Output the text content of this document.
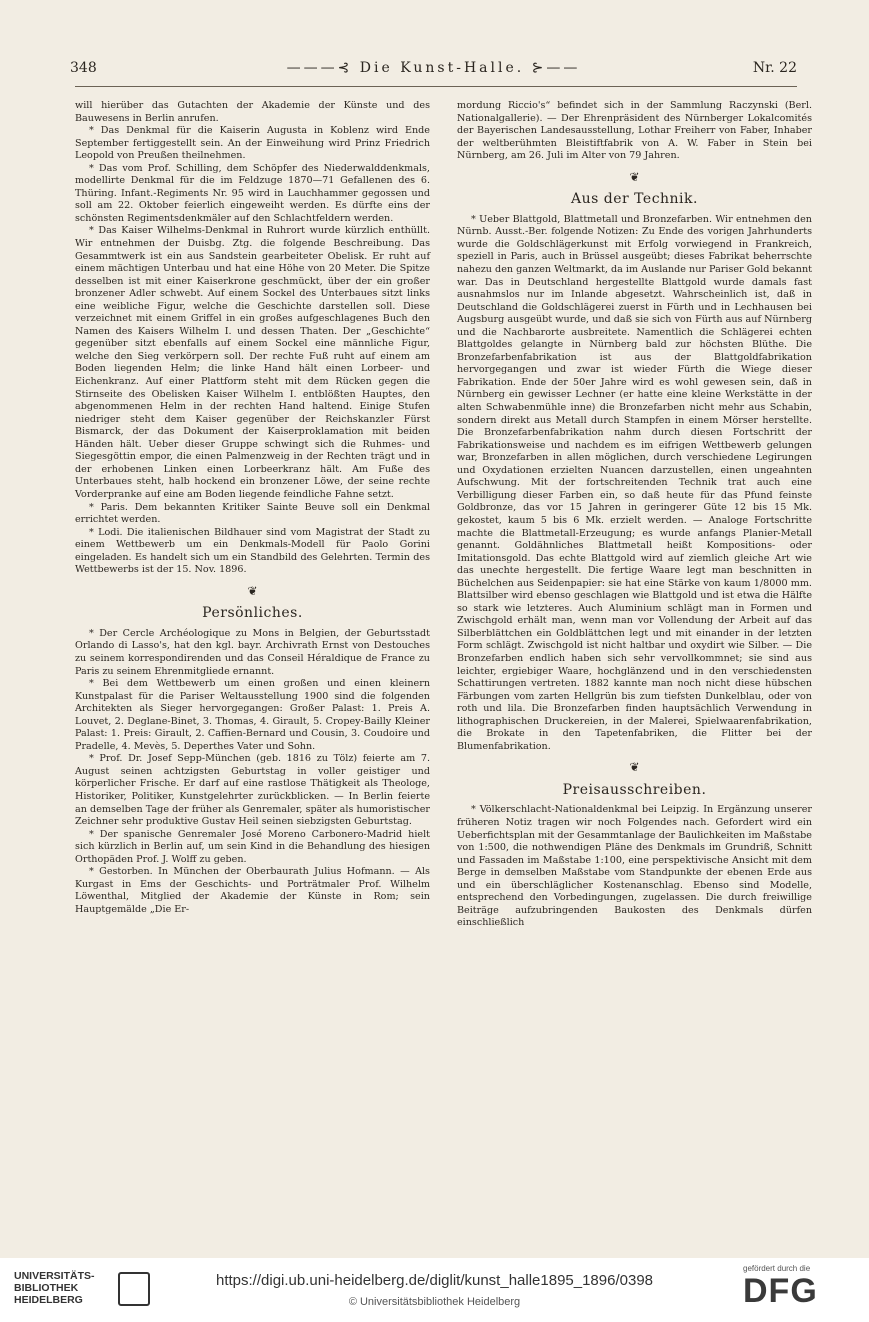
348	———⊰ Die Kunst-Halle. ⊱——	Nr. 22

will hierüber das Gutachten der Akademie der Künste und des Bauwesens in Berlin anrufen.

* Das Denkmal für die Kaiserin Augusta in Koblenz wird Ende September fertiggestellt sein. An der Einweihung wird Prinz Friedrich Leopold von Preußen theilnehmen.

* Das vom Prof. Schilling, dem Schöpfer des Niederwalddenkmals, modellirte Denkmal für die im Feldzuge 1870—71 Gefallenen des 6. Thüring. Infant.-Regiments Nr. 95 wird in Lauchhammer gegossen und soll am 22. Oktober feierlich eingeweiht werden. Es dürfte eins der schönsten Regimentsdenkmäler auf den Schlachtfeldern werden.

* Das Kaiser Wilhelms-Denkmal in Ruhrort wurde kürzlich enthüllt. Wir entnehmen der Duisbg. Ztg. die folgende Beschreibung. Das Gesammtwerk ist ein aus Sandstein gearbeiteter Obelisk. Er ruht auf einem mächtigen Unterbau und hat eine Höhe von 20 Meter. Die Spitze desselben ist mit einer Kaiserkrone geschmückt, über der ein großer bronzener Adler schwebt. Auf einem Sockel des Unterbaues sitzt links eine weibliche Figur, welche die Geschichte darstellen soll. Diese verzeichnet mit einem Griffel in ein großes aufgeschlagenes Buch den Namen des Kaisers Wilhelm I. und dessen Thaten. Der „Geschichte“ gegenüber sitzt ebenfalls auf einem Sockel eine männliche Figur, welche den Sieg verkörpern soll. Der rechte Fuß ruht auf einem am Boden liegenden Helm; die linke Hand hält einen Lorbeer- und Eichenkranz. Auf einer Plattform steht mit dem Rücken gegen die Stirnseite des Obelisken Kaiser Wilhelm I. entblößten Hauptes, den abgenommenen Helm in der rechten Hand haltend. Einige Stufen niedriger steht dem Kaiser gegenüber der Reichskanzler Fürst Bismarck, der das Dokument der Kaiserproklamation mit beiden Händen hält. Ueber dieser Gruppe schwingt sich die Ruhmes- und Siegesgöttin empor, die einen Palmenzweig in der Rechten trägt und in der erhobenen Linken einen Lorbeerkranz hält. Am Fuße des Unterbaues steht, halb hockend ein bronzener Löwe, der seine rechte Vorderpranke auf eine am Boden liegende feindliche Fahne setzt.

* Paris. Dem bekannten Kritiker Sainte Beuve soll ein Denkmal errichtet werden.

* Lodi. Die italienischen Bildhauer sind vom Magistrat der Stadt zu einem Wettbewerb um ein Denkmals-Modell für Paolo Gorini eingeladen. Es handelt sich um ein Standbild des Gelehrten. Termin des Wettbewerbs ist der 15. Nov. 1896.

❦
Persönliches.

* Der Cercle Archéologique zu Mons in Belgien, der Geburtsstadt Orlando di Lasso's, hat den kgl. bayr. Archivrath Ernst von Destouches zu seinem korrespondirenden und das Conseil Héraldique de France zu Paris zu seinem Ehrenmitgliede ernannt.

* Bei dem Wettbewerb um einen großen und einen kleinern Kunstpalast für die Pariser Weltausstellung 1900 sind die folgenden Architekten als Sieger hervorgegangen: Großer Palast: 1. Preis A. Louvet, 2. Deglane-Binet, 3. Thomas, 4. Girault, 5. Cropey-Bailly Kleiner Palast: 1. Preis: Girault, 2. Caffien-Bernard und Cousin, 3. Coudoire und Pradelle, 4. Mevès, 5. Deperthes Vater und Sohn.

* Prof. Dr. Josef Sepp-München (geb. 1816 zu Tölz) feierte am 7. August seinen achtzigsten Geburtstag in voller geistiger und körperlicher Frische. Er darf auf eine rastlose Thätigkeit als Theologe, Historiker, Politiker, Kunstgelehrter zurückblicken. — In Berlin feierte an demselben Tage der früher als Genremaler, später als humoristischer Zeichner sehr produktive Gustav Heil seinen siebzigsten Geburtstag.

* Der spanische Genremaler José Moreno Carbonero-Madrid hielt sich kürzlich in Berlin auf, um sein Kind in die Behandlung des hiesigen Orthopäden Prof. J. Wolff zu geben.

* Gestorben. In München der Oberbaurath Julius Hofmann. — Als Kurgast in Ems der Geschichts- und Porträtmaler Prof. Wilhelm Löwenthal, Mitglied der Akademie der Künste in Rom; sein Hauptgemälde „Die Er-

mordung Riccio's“ befindet sich in der Sammlung Raczynski (Berl. Nationalgallerie). — Der Ehrenpräsident des Nürnberger Lokalcomités der Bayerischen Landesausstellung, Lothar Freiherr von Faber, Inhaber der weltberühmten Bleistiftfabrik von A. W. Faber in Stein bei Nürnberg, am 26. Juli im Alter von 79 Jahren.

❦
Aus der Technik.

* Ueber Blattgold, Blattmetall und Bronzefarben. Wir entnehmen den Nürnb. Ausst.-Ber. folgende Notizen: Zu Ende des vorigen Jahrhunderts wurde die Goldschlägerkunst mit Erfolg vorwiegend in Frankreich, speziell in Paris, auch in Brüssel ausgeübt; dieses Fabrikat beherrschte nahezu den ganzen Weltmarkt, da im Auslande nur Pariser Gold bekannt war. Das in Deutschland hergestellte Blattgold wurde damals fast ausnahmslos nur im Inlande abgesetzt. Wahrscheinlich ist, daß in Deutschland die Goldschlägerei zuerst in Fürth und in Lechhausen bei Augsburg ausgeübt wurde, und daß sie sich von Fürth aus auf Nürnberg und die Nachbarorte ausbreitete. Namentlich die Schlägerei echten Blattgoldes gelangte in Nürnberg bald zur höchsten Blüthe. Die Bronzefarbenfabrikation ist aus der Blattgoldfabrikation hervorgegangen und zwar ist wieder Fürth die Wiege dieser Fabrikation. Ende der 50er Jahre wird es wohl gewesen sein, daß in Nürnberg ein gewisser Lechner (er hatte eine kleine Werkstätte in der alten Schwabenmühle inne) die Bronzefarben nicht mehr aus Schabin, sondern direkt aus Metall durch Stampfen in einem Mörser herstellte. Die Bronzefarbenfabrikation nahm durch diesen Fortschritt der Fabrikationsweise und nachdem es im eifrigen Wettbewerb gelungen war, Bronzefarben in allen möglichen, durch verschiedene Legirungen und Oxydationen erzielten Nuancen darzustellen, einen ungeahnten Aufschwung. Mit der fortschreitenden Technik trat auch eine Verbilligung dieser Farben ein, so daß heute für das Pfund feinste Goldbronze, das vor 15 Jahren in geringerer Güte 12 bis 15 Mk. gekostet, kaum 5 bis 6 Mk. erzielt werden. — Analoge Fortschritte machte die Blattmetall-Erzeugung; es wurde anfangs Planier-Metall genannt. Goldähnliches Blattmetall heißt Kompositions- oder Imitationsgold. Das echte Blattgold wird auf ziemlich gleiche Art wie das unechte hergestellt. Die fertige Waare legt man beschnitten in Büchelchen aus Seidenpapier: sie hat eine Stärke von kaum 1/8000 mm. Blattsilber wird ebenso geschlagen wie Blattgold und ist etwa die Hälfte so stark wie letzteres. Auch Aluminium schlägt man in Formen und Zwischgold erhält man, wenn man vor Vollendung der Arbeit auf das Silberblättchen ein Goldblättchen legt und mit einander in der letzten Form schlägt. Zwischgold ist nicht haltbar und oxydirt wie Silber. — Die Bronzefarben endlich haben sich sehr vervollkommnet; sie sind aus leichter, ergiebiger Waare, hochglänzend und in den verschiedensten Schattirungen vertreten. 1882 kannte man noch nicht diese hübschen Färbungen vom zarten Hellgrün bis zum tiefsten Dunkelblau, oder von roth und lila. Die Bronzefarben finden hauptsächlich Verwendung in lithographischen Druckereien, in der Malerei, Spielwaarenfabrikation, die Brokate in den Tapetenfabriken, die Flitter bei der Blumenfabrikation.

❦
Preisausschreiben.

* Völkerschlacht-Nationaldenkmal bei Leipzig. In Ergänzung unserer früheren Notiz tragen wir noch Folgendes nach. Gefordert wird ein Ueberfichtsplan mit der Gesammtanlage der Baulichkeiten im Maßstabe von 1:500, die nothwendigen Pläne des Denkmals im Grundriß, Schnitt und Fassaden im Maßstabe 1:100, eine perspektivische Ansicht mit dem Berge in demselben Maßstabe vom Standpunkte der ebenen Erde aus und ein überschläglicher Kostenanschlag. Ebenso sind Modelle, entsprechend den Vorbedingungen, zugelassen. Die durch freiwillige Beiträge aufzubringenden Baukosten des Denkmals dürfen einschließlich

UNIVERSITÄTS-
BIBLIOTHEK
HEIDELBERG
https://digi.ub.uni-heidelberg.de/diglit/kunst_halle1895_1896/0398
© Universitätsbibliothek Heidelberg
gefördert durch die
DFG
